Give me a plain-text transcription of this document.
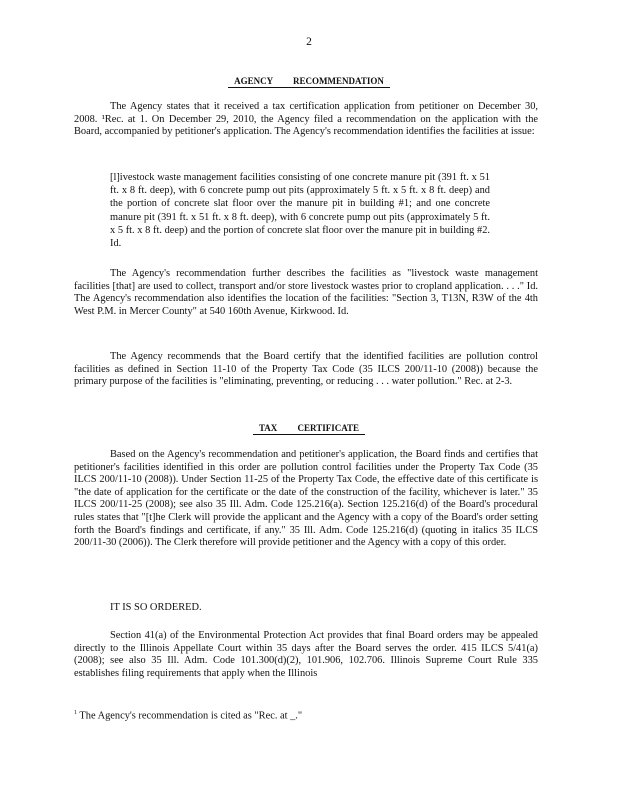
2
AGENCY RECOMMENDATION
The Agency states that it received a tax certification application from petitioner on December 30, 2008. ¹Rec. at 1. On December 29, 2010, the Agency filed a recommendation on the application with the Board, accompanied by petitioner's application. The Agency's recommendation identifies the facilities at issue:
[l]ivestock waste management facilities consisting of one concrete manure pit (391 ft. x 51 ft. x 8 ft. deep), with 6 concrete pump out pits (approximately 5 ft. x 5 ft. x 8 ft. deep) and the portion of concrete slat floor over the manure pit in building #1; and one concrete manure pit (391 ft. x 51 ft. x 8 ft. deep), with 6 concrete pump out pits (approximately 5 ft. x 5 ft. x 8 ft. deep) and the portion of concrete slat floor over the manure pit in building #2. Id.
The Agency's recommendation further describes the facilities as "livestock waste management facilities [that] are used to collect, transport and/or store livestock wastes prior to cropland application. . . ." Id. The Agency's recommendation also identifies the location of the facilities: "Section 3, T13N, R3W of the 4th West P.M. in Mercer County" at 540 160th Avenue, Kirkwood. Id.
The Agency recommends that the Board certify that the identified facilities are pollution control facilities as defined in Section 11-10 of the Property Tax Code (35 ILCS 200/11-10 (2008)) because the primary purpose of the facilities is "eliminating, preventing, or reducing . . . water pollution." Rec. at 2-3.
TAX CERTIFICATE
Based on the Agency's recommendation and petitioner's application, the Board finds and certifies that petitioner's facilities identified in this order are pollution control facilities under the Property Tax Code (35 ILCS 200/11-10 (2008)). Under Section 11-25 of the Property Tax Code, the effective date of this certificate is "the date of application for the certificate or the date of the construction of the facility, whichever is later." 35 ILCS 200/11-25 (2008); see also 35 Ill. Adm. Code 125.216(a). Section 125.216(d) of the Board's procedural rules states that "[t]he Clerk will provide the applicant and the Agency with a copy of the Board's order setting forth the Board's findings and certificate, if any." 35 Ill. Adm. Code 125.216(d) (quoting in italics 35 ILCS 200/11-30 (2006)). The Clerk therefore will provide petitioner and the Agency with a copy of this order.
IT IS SO ORDERED.
Section 41(a) of the Environmental Protection Act provides that final Board orders may be appealed directly to the Illinois Appellate Court within 35 days after the Board serves the order. 415 ILCS 5/41(a) (2008); see also 35 Ill. Adm. Code 101.300(d)(2), 101.906, 102.706. Illinois Supreme Court Rule 335 establishes filing requirements that apply when the Illinois
$^1$ The Agency's recommendation is cited as "Rec. at _."
